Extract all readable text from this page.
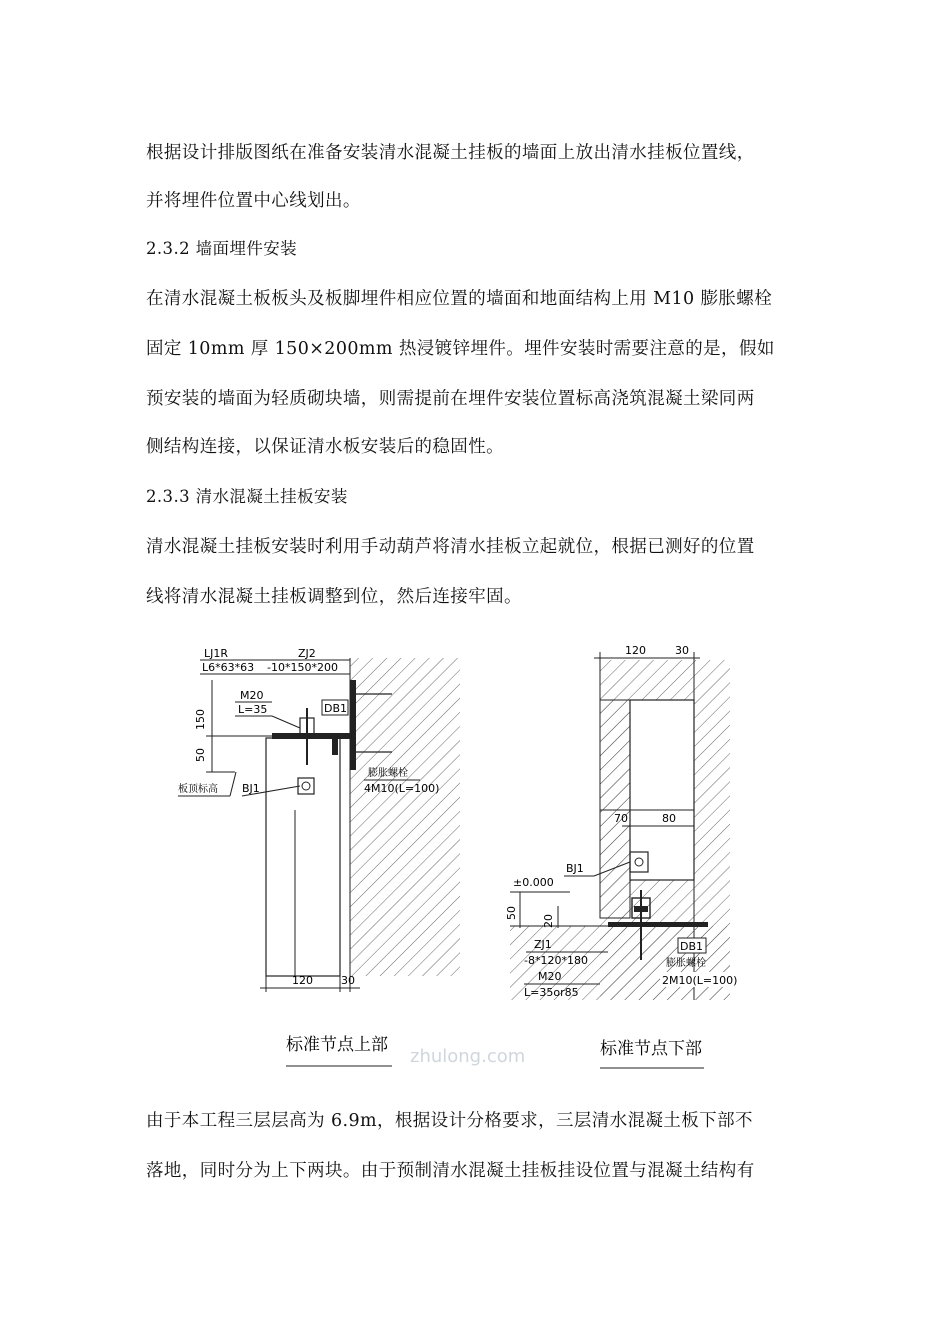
根据设计排版图纸在准备安装清水混凝土挂板的墙面上放出清水挂板位置线，

并将埋件位置中心线划出。

2.3.2 墙面埋件安装

在清水混凝土板板头及板脚埋件相应位置的墙面和地面结构上用 M10 膨胀螺栓

固定 10mm 厚 150×200mm 热浸镀锌埋件。埋件安装时需要注意的是，假如

预安装的墙面为轻质砌块墙，则需提前在埋件安装位置标高浇筑混凝土梁同两

侧结构连接，以保证清水板安装后的稳固性。

2.3.3 清水混凝土挂板安装

清水混凝土挂板安装时利用手动葫芦将清水挂板立起就位，根据已测好的位置

线将清水混凝土挂板调整到位，然后连接牢固。

LJ1R
L6*63*63
ZJ2
-10*150*200
M20
L=35	DB1
150
50
板顶标高 BJ1
膨胀螺栓
4M10(L=100)
120	30
标准节点上部
120	30
70	80
BJ1
±0.000
50
20
ZJ1
-8*120*180
M20
L=35or85
DB1
膨胀螺栓
2M10(L=100)
标准节点下部
zhulong.com

由于本工程三层层高为 6.9m，根据设计分格要求，三层清水混凝土板下部不

落地，同时分为上下两块。由于预制清水混凝土挂板挂设位置与混凝土结构有
